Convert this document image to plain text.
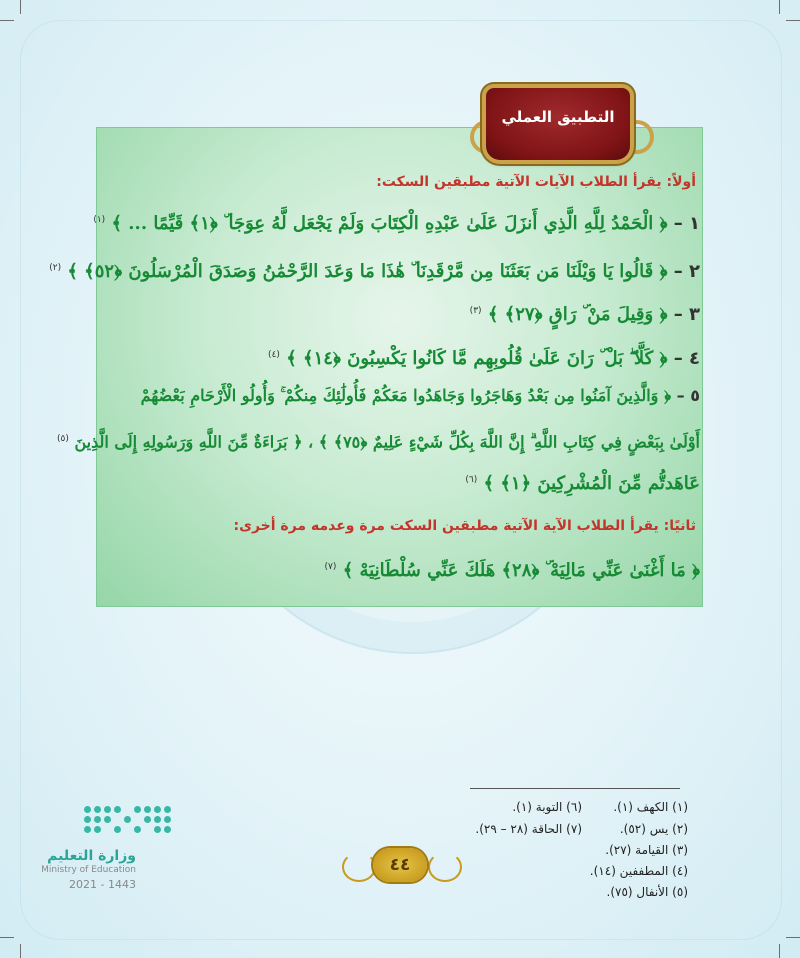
التطبيق العملي
أولاً: يقرأ الطلاب الآيات الآتية مطبقين السكت:
١ – ﴿ الْحَمْدُ لِلَّهِ الَّذِي أَنزَلَ عَلَىٰ عَبْدِهِ الْكِتَابَ وَلَمْ يَجْعَل لَّهُ عِوَجَا ۜ ﴿١﴾ قَيِّمًا ... ﴾ $^{(١)}$
٢ – ﴿ قَالُوا يَا وَيْلَنَا مَن بَعَثَنَا مِن مَّرْقَدِنَا ۜ هَٰذَا مَا وَعَدَ الرَّحْمَٰنُ وَصَدَقَ الْمُرْسَلُونَ ﴿٥٢﴾ ﴾ $^{(٢)}$
٣ – ﴿ وَقِيلَ مَنْ ۜ رَاقٍ ﴿٢٧﴾ ﴾ $^{(٣)}$
٤ – ﴿ كَلَّا ۖ بَلْ ۜ رَانَ عَلَىٰ قُلُوبِهِم مَّا كَانُوا يَكْسِبُونَ ﴿١٤﴾ ﴾ $^{(٤)}$
٥ – ﴿ وَالَّذِينَ آمَنُوا مِن بَعْدُ وَهَاجَرُوا وَجَاهَدُوا مَعَكُمْ فَأُولَٰئِكَ مِنكُمْ ۚ وَأُولُو الْأَرْحَامِ بَعْضُهُمْ
أَوْلَىٰ بِبَعْضٍ فِي كِتَابِ اللَّهِ ۗ إِنَّ اللَّهَ بِكُلِّ شَيْءٍ عَلِيمٌ ﴿٧٥﴾ ﴾ ، ﴿ بَرَاءَةٌ مِّنَ اللَّهِ وَرَسُولِهِ إِلَى الَّذِينَ $^{(٥)}$
عَاهَدتُّم مِّنَ الْمُشْرِكِينَ ﴿١﴾ ﴾ $^{(٦)}$
ثانيًا: يقرأ الطلاب الآية الآتية مطبقين السكت مرة وعدمه مرة أخرى:
﴿ مَا أَغْنَىٰ عَنِّي مَالِيَهْ ۜ ﴿٢٨﴾ هَلَكَ عَنِّي سُلْطَانِيَهْ ﴾ $^{(٧)}$
(١) الكهف (١).
(٢) يس (٥٢).
(٣) القيامة (٢٧).
(٤) المطففين (١٤).
(٥) الأنفال (٧٥).
(٦) التوبة (١).
(٧) الحاقة (٢٨ – ٢٩).
٤٤
وزارة التعليم
Ministry of Education
2021 - 1443
